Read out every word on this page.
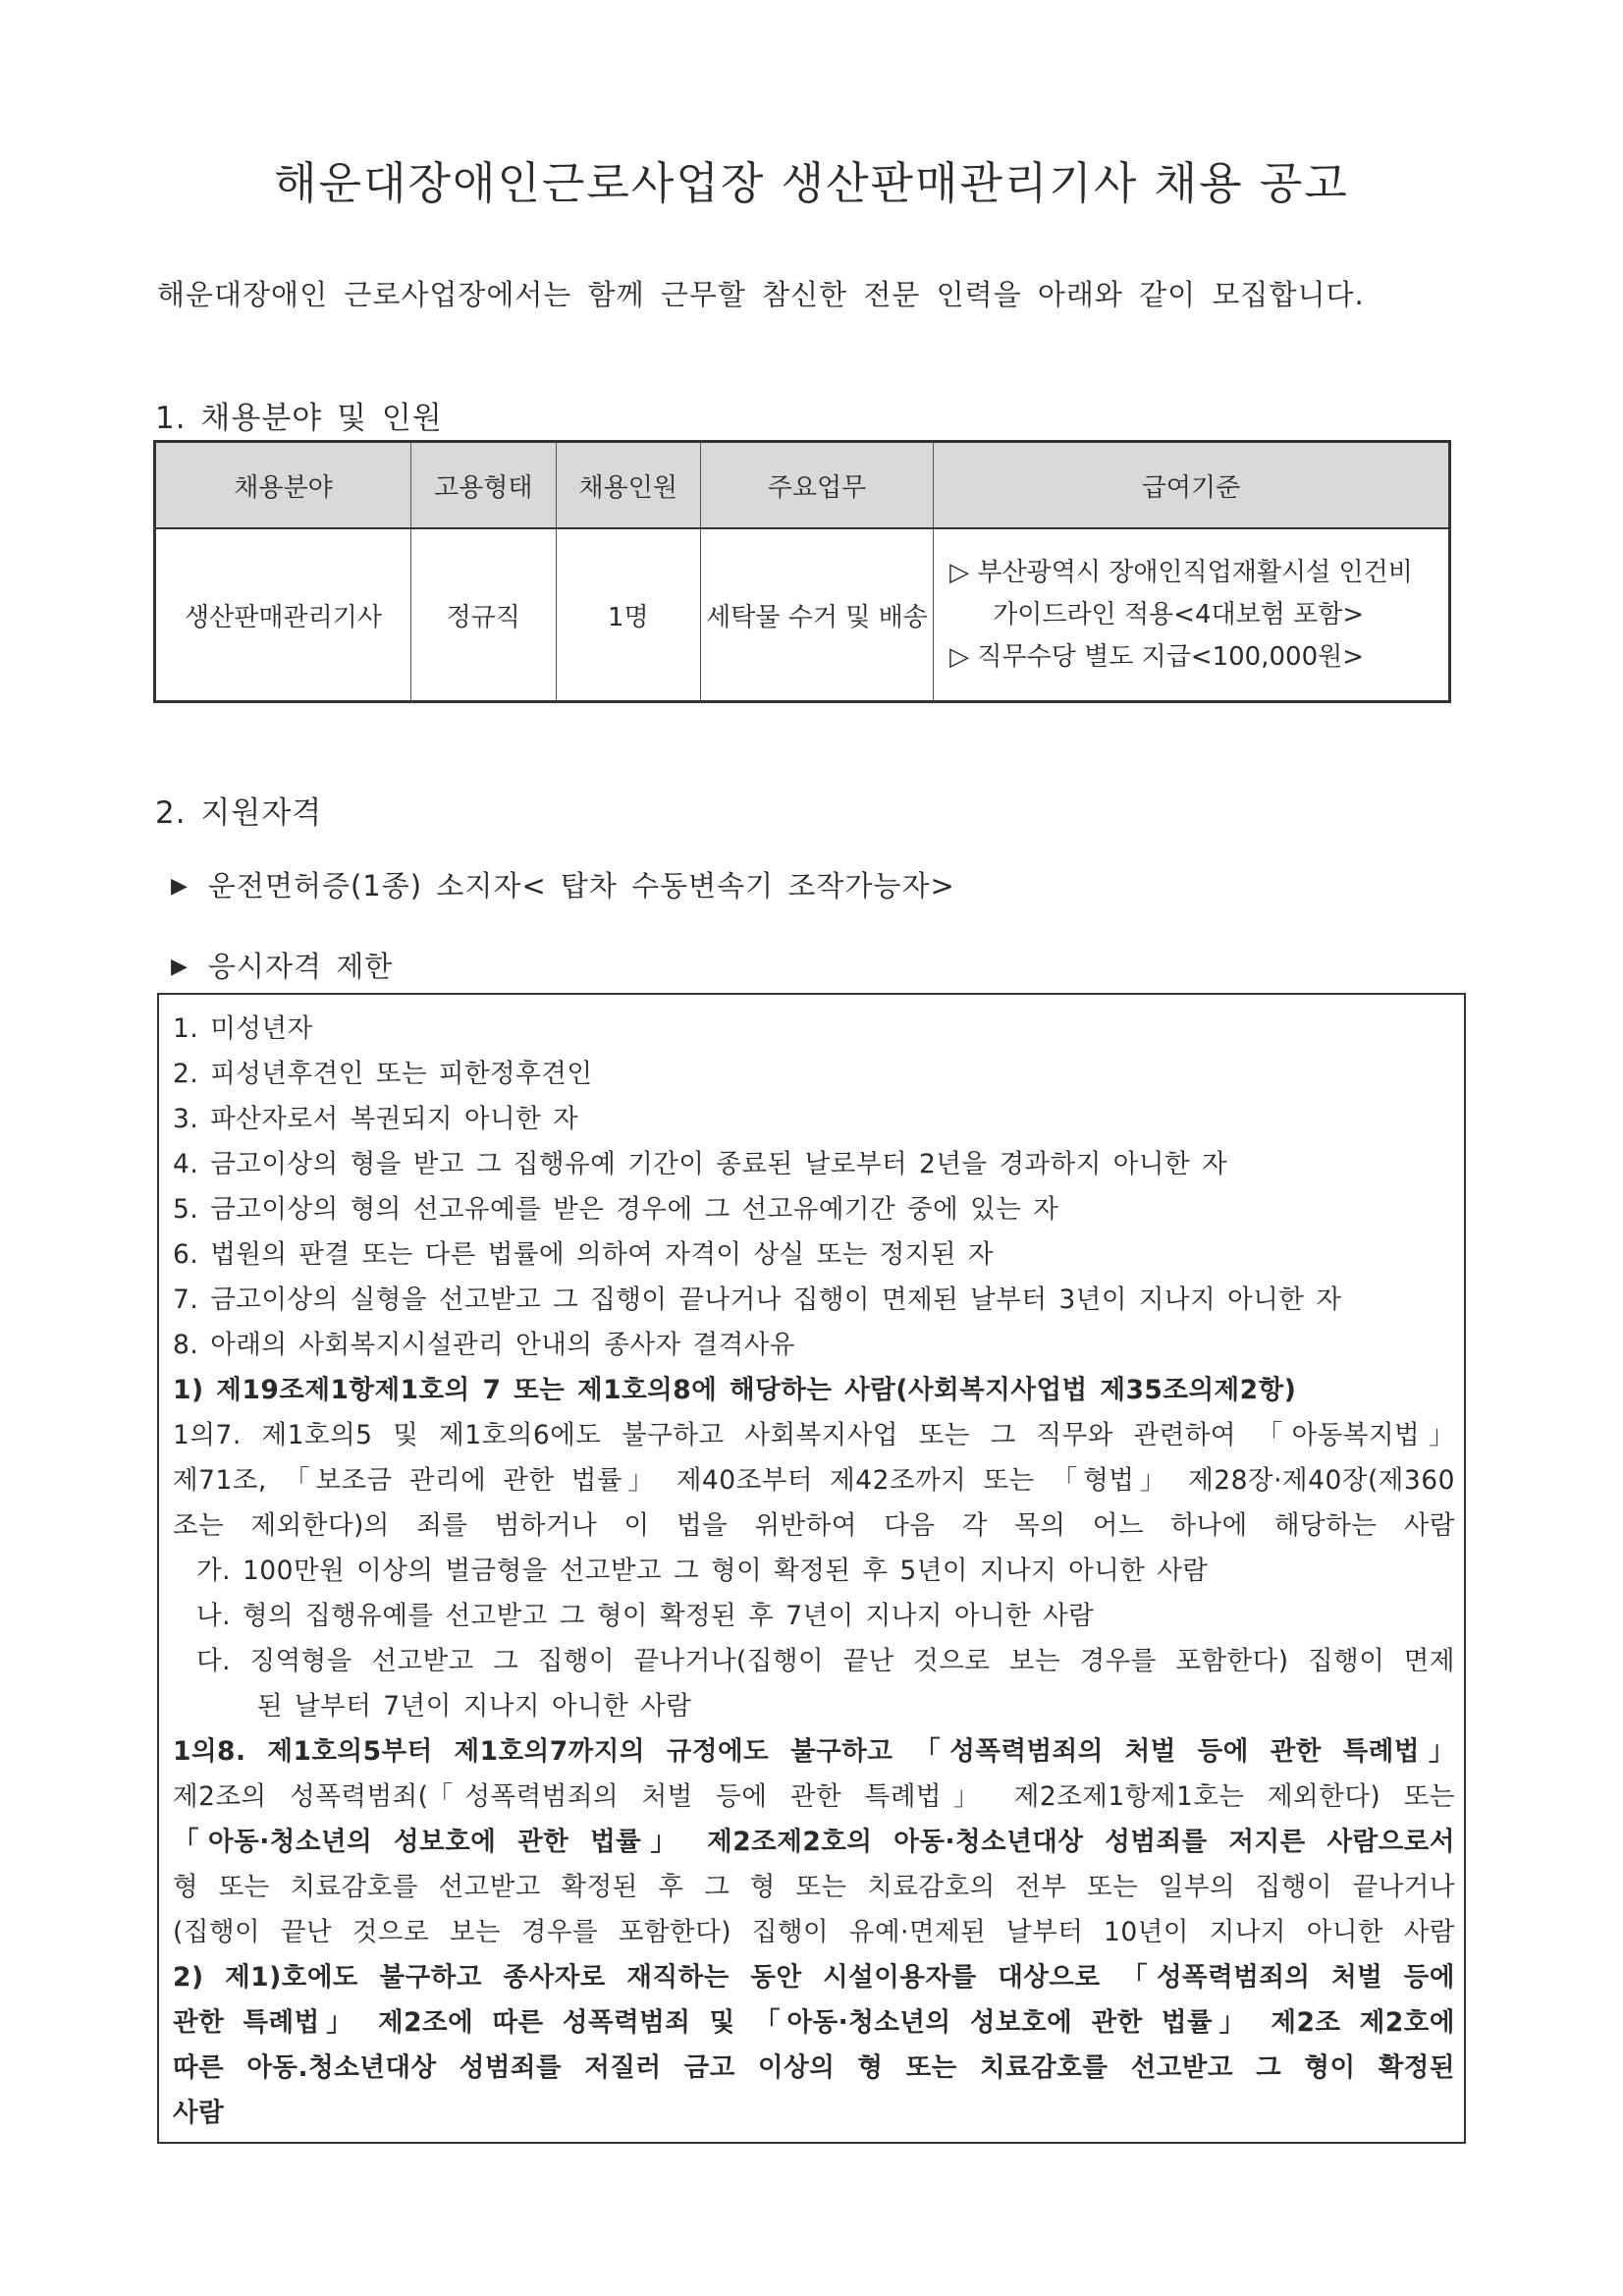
해운대장애인근로사업장 생산판매관리기사 채용 공고
해운대장애인 근로사업장에서는 함께 근무할 참신한 전문 인력을 아래와 같이 모집합니다.
1. 채용분야 및 인원
채용분야	고용형태	채용인원	주요업무	급여기준
생산판매관리기사	정규직	1명	세탁물 수거 및 배송	▷ 부산광역시 장애인직업재활시설 인건비
가이드라인 적용<4대보험 포함>
▷ 직무수당 별도 지급<100,000원>
2. 지원자격
▶ 운전면허증(1종) 소지자< 탑차 수동변속기 조작가능자>
▶ 응시자격 제한
1. 미성년자
2. 피성년후견인 또는 피한정후견인
3. 파산자로서 복권되지 아니한 자
4. 금고이상의 형을 받고 그 집행유예 기간이 종료된 날로부터 2년을 경과하지 아니한 자
5. 금고이상의 형의 선고유예를 받은 경우에 그 선고유예기간 중에 있는 자
6. 법원의 판결 또는 다른 법률에 의하여 자격이 상실 또는 정지된 자
7. 금고이상의 실형을 선고받고 그 집행이 끝나거나 집행이 면제된 날부터 3년이 지나지 아니한 자
8. 아래의 사회복지시설관리 안내의 종사자 결격사유
1) 제19조제1항제1호의 7 또는 제1호의8에 해당하는 사람(사회복지사업법 제35조의제2항)
1의7. 제1호의5 및 제1호의6에도 불구하고 사회복지사업 또는 그 직무와 관련하여 「아동복지법」
제71조, 「보조금 관리에 관한 법률」 제40조부터 제42조까지 또는 「형법」 제28장·제40장(제360
조는 제외한다)의 죄를 범하거나 이 법을 위반하여 다음 각 목의 어느 하나에 해당하는 사람
가. 100만원 이상의 벌금형을 선고받고 그 형이 확정된 후 5년이 지나지 아니한 사람
나. 형의 집행유예를 선고받고 그 형이 확정된 후 7년이 지나지 아니한 사람
다. 징역형을 선고받고 그 집행이 끝나거나(집행이 끝난 것으로 보는 경우를 포함한다) 집행이 면제
된 날부터 7년이 지나지 아니한 사람
1의8. 제1호의5부터 제1호의7까지의 규정에도 불구하고 「성폭력범죄의 처벌 등에 관한 특례법」
제2조의 성폭력범죄(「성폭력범죄의 처벌 등에 관한 특례법」 제2조제1항제1호는 제외한다) 또는
「아동·청소년의 성보호에 관한 법률」 제2조제2호의 아동·청소년대상 성범죄를 저지른 사람으로서
형 또는 치료감호를 선고받고 확정된 후 그 형 또는 치료감호의 전부 또는 일부의 집행이 끝나거나
(집행이 끝난 것으로 보는 경우를 포함한다) 집행이 유예·면제된 날부터 10년이 지나지 아니한 사람
2) 제1)호에도 불구하고 종사자로 재직하는 동안 시설이용자를 대상으로 「성폭력범죄의 처벌 등에
관한 특례법」 제2조에 따른 성폭력범죄 및 「아동·청소년의 성보호에 관한 법률」 제2조 제2호에
따른 아동.청소년대상 성범죄를 저질러 금고 이상의 형 또는 치료감호를 선고받고 그 형이 확정된
사람
